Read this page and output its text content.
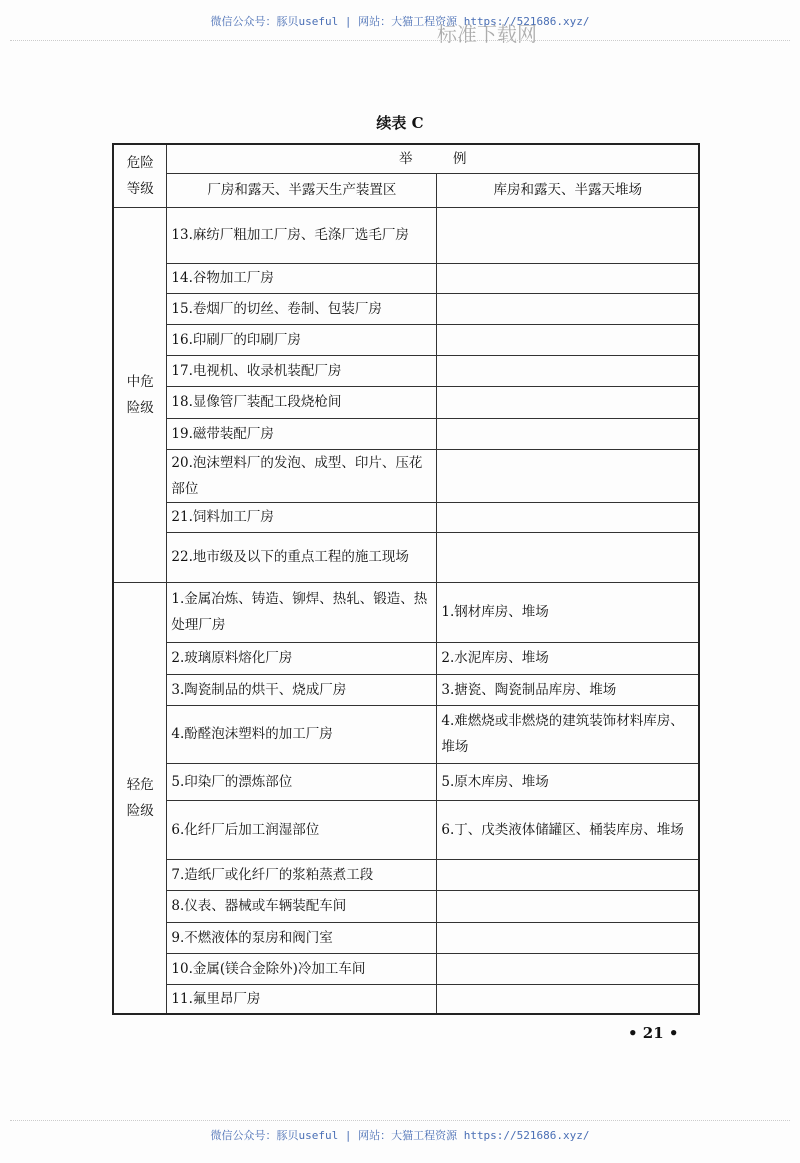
微信公众号：豚贝useful | 网站：大猫工程资源 https://521686.xyz/
标准下载网
续表 C
危险等级	举　　　例	
	厂房和露天、半露天生产装置区	库房和露天、半露天堆场
中危险级	13.麻纺厂粗加工厂房、毛涤厂选毛厂房	
	14.谷物加工厂房	
	15.卷烟厂的切丝、卷制、包装厂房	
	16.印刷厂的印刷厂房	
	17.电视机、收录机装配厂房	
	18.显像管厂装配工段烧枪间	
	19.磁带装配厂房	
	20.泡沫塑料厂的发泡、成型、印片、压花部位	
	21.饲料加工厂房	
	22.地市级及以下的重点工程的施工现场	
轻危险级	1.金属冶炼、铸造、铆焊、热轧、锻造、热处理厂房	1.钢材库房、堆场
	2.玻璃原料熔化厂房	2.水泥库房、堆场
	3.陶瓷制品的烘干、烧成厂房	3.搪瓷、陶瓷制品库房、堆场
	4.酚醛泡沫塑料的加工厂房	4.难燃烧或非燃烧的建筑装饰材料库房、堆场
	5.印染厂的漂炼部位	5.原木库房、堆场
	6.化纤厂后加工润湿部位	6.丁、戊类液体储罐区、桶装库房、堆场
	7.造纸厂或化纤厂的浆粕蒸煮工段	
	8.仪表、器械或车辆装配车间	
	9.不燃液体的泵房和阀门室	
	10.金属(镁合金除外)冷加工车间	
	11.氟里昂厂房	
• 21 •
微信公众号：豚贝useful | 网站：大猫工程资源 https://521686.xyz/
